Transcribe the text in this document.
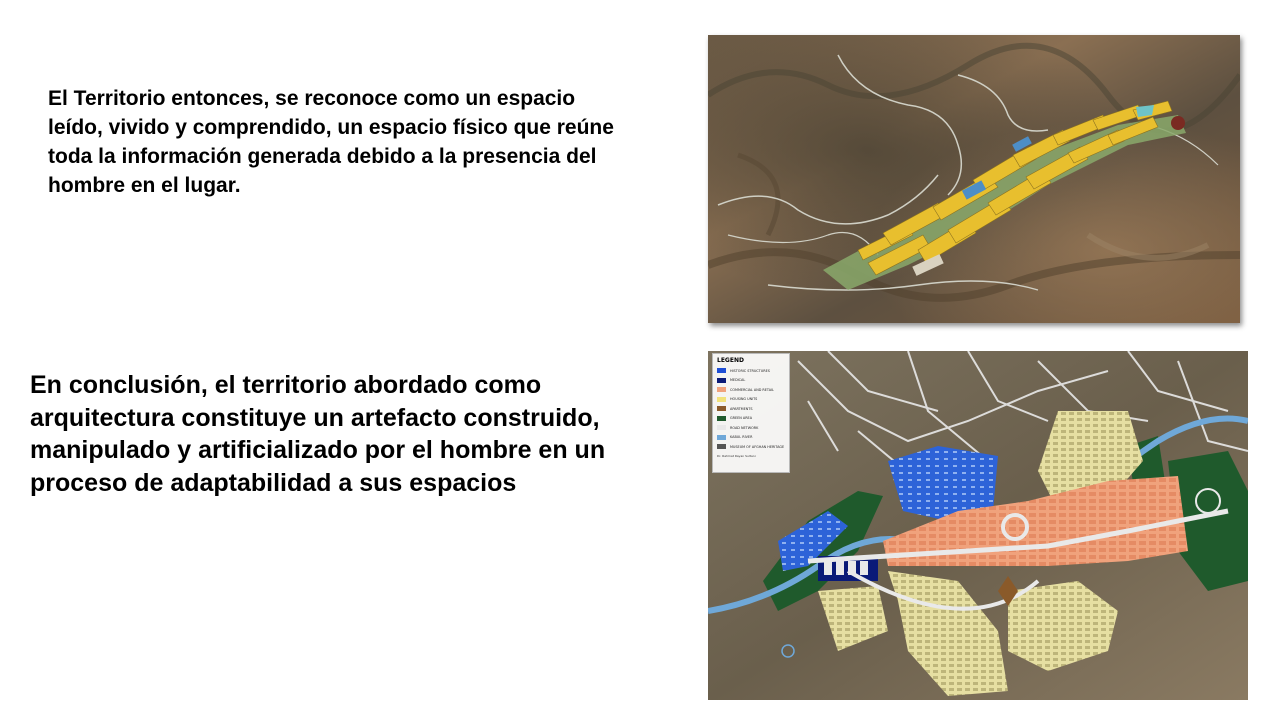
El Territorio entonces, se reconoce como un espacio leído, vivido y comprendido, un espacio físico que reúne toda la información generada debido a la presencia del hombre en el lugar.

En conclusión, el territorio abordado como arquitectura constituye un artefacto construido, manipulado y artificializado por el hombre en un proceso de adaptabilidad a sus espacios

LEGEND
HISTORIC STRUCTURES
MEDICAL
COMMERCIAL AND RETAIL
HOUSING UNITS
APARTMENTS
GREEN AREA
ROAD NETWORK
KABUL RIVER
MUSEUM OF AFGHAN HERITAGE
Dr. Rahmat Rayan Sultani
